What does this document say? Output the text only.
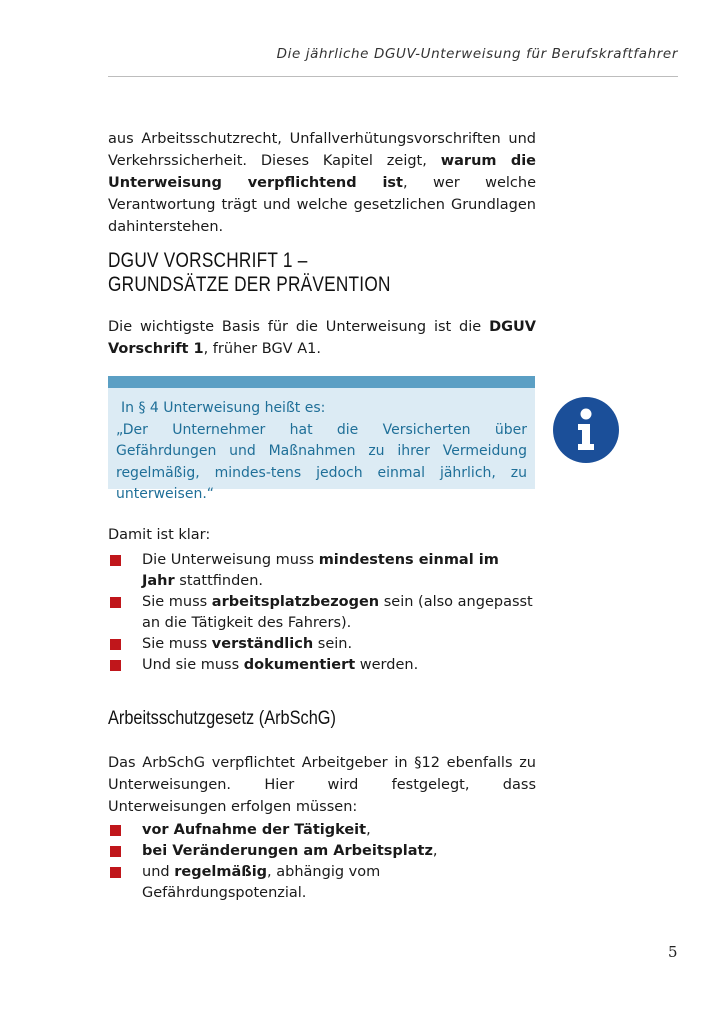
Die jährliche DGUV-Unterweisung für Berufskraftfahrer

aus Arbeitsschutzrecht, Unfallverhütungsvorschriften und Verkehrssicherheit. Dieses Kapitel zeigt, warum die Unterweisung verpflichtend ist, wer welche Verantwortung trägt und welche gesetzlichen Grundlagen dahinterstehen.

DGUV VORSCHRIFT 1 –
GRUNDSÄTZE DER PRÄVENTION

Die wichtigste Basis für die Unterweisung ist die DGUV Vorschrift 1, früher BGV A1.

In § 4 Unterweisung heißt es:
„Der Unternehmer hat die Versicherten über Gefährdungen und Maßnahmen zu ihrer Vermeidung regelmäßig, mindes-tens jedoch einmal jährlich, zu unterweisen.“

Damit ist klar:

Die Unterweisung muss mindestens einmal im Jahr stattfinden.
Sie muss arbeitsplatzbezogen sein (also angepasst an die Tätigkeit des Fahrers).
Sie muss verständlich sein.
Und sie muss dokumentiert werden.
Arbeitsschutzgesetz (ArbSchG)

Das ArbSchG verpflichtet Arbeitgeber in §12 ebenfalls zu Unterweisungen. Hier wird festgelegt, dass Unterweisungen erfolgen müssen:

vor Aufnahme der Tätigkeit,
bei Veränderungen am Arbeitsplatz,
und regelmäßig, abhängig vom Gefährdungspotenzial.
5
